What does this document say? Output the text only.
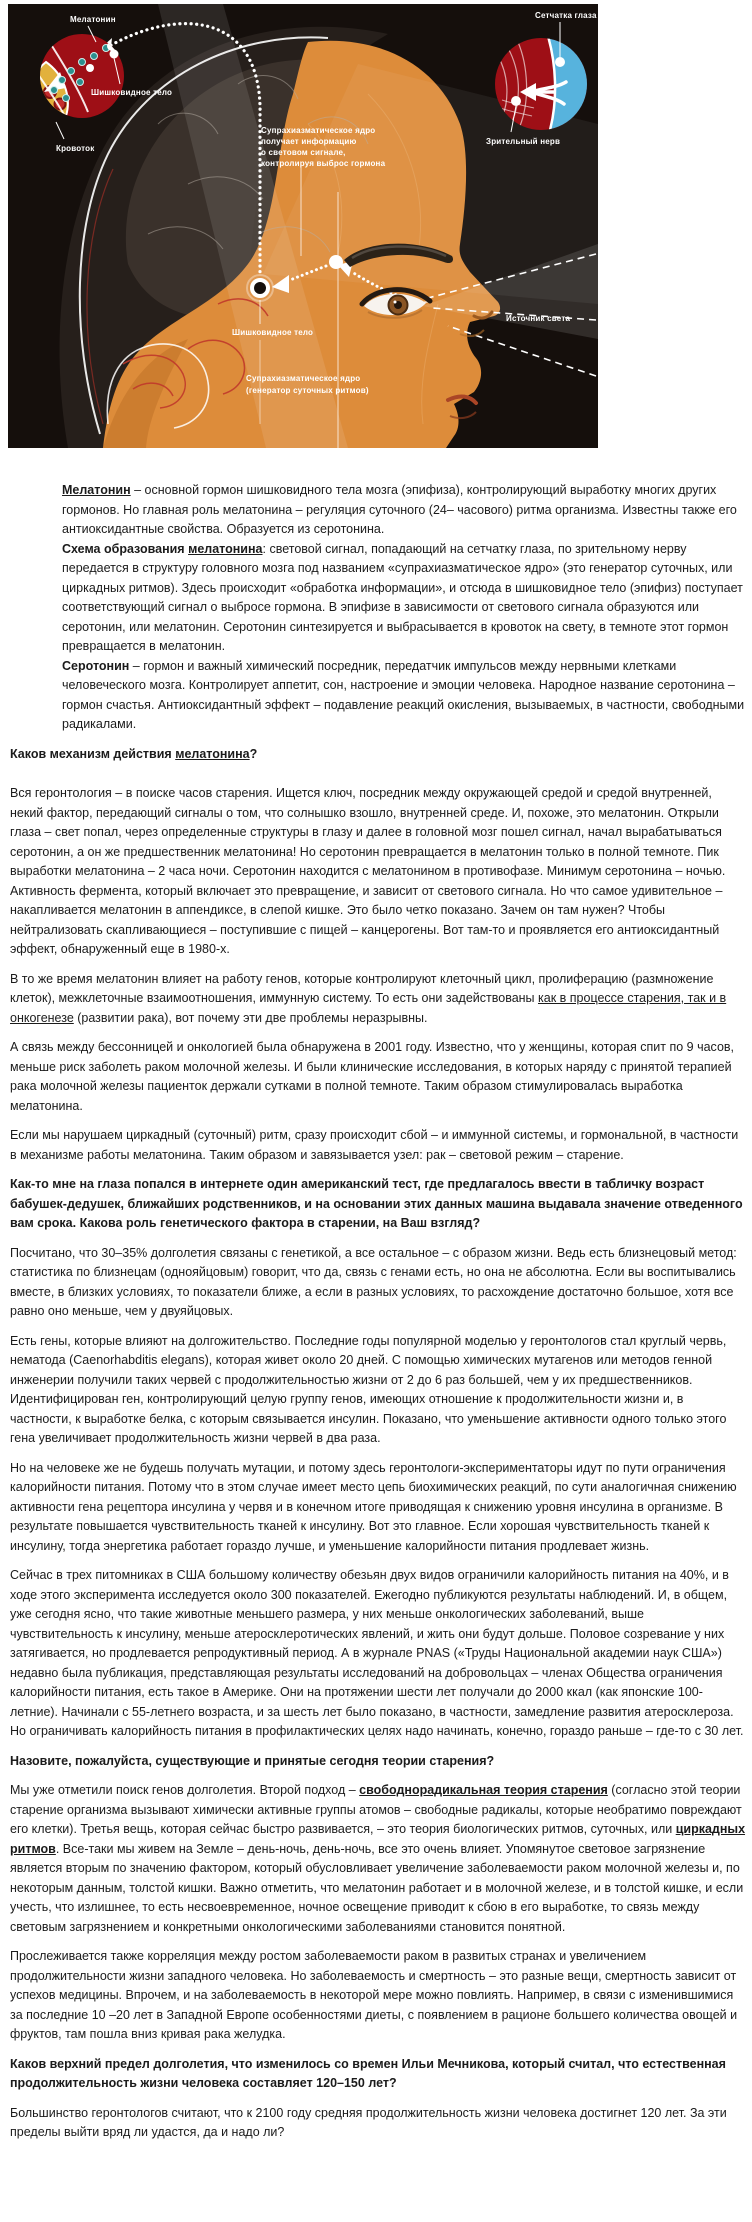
Мелатонин	Сетчатка глаза
Шишковидное тело
Кровоток
Супрахиазматическое ядро
получает информацию
о световом сигнале,
контролируя выброс гормона
Зрительный нерв
Источник света
Шишковидное тело
Супрахиазматическое ядро
(генератор суточных ритмов)

Мелатонин – основной гормон шишковидного тела мозга (эпифиза), контролирующий выработку многих других гормонов. Но главная роль мелатонина – регуляция суточного (24– часового) ритма организма. Известны также его антиоксидантные свойства. Образуется из серотонина.

Схема образования мелатонина: световой сигнал, попадающий на сетчатку глаза, по зрительному нерву передается в структуру головного мозга под названием «супрахиазматическое ядро» (это генератор суточных, или циркадных ритмов). Здесь происходит «обработка информации», и отсюда в шишковидное тело (эпифиз) поступает соответствующий сигнал о выбросе гормона. В эпифизе в зависимости от светового сигнала образуются или серотонин, или мелатонин. Серотонин синтезируется и выбрасывается в кровоток на свету, в темноте этот гормон превращается в мелатонин.

Серотонин – гормон и важный химический посредник, передатчик импульсов между нервными клетками человеческого мозга. Контролирует аппетит, сон, настроение и эмоции человека. Народное название серотонина – гормон счастья. Антиоксидантный эффект – подавление реакций окисления, вызываемых, в частности, свободными радикалами.

Каков механизм действия мелатонина?

Вся геронтология – в поиске часов старения. Ищется ключ, посредник между окружающей средой и средой внутренней, некий фактор, передающий сигналы о том, что солнышко взошло, внутренней среде. И, похоже, это мелатонин. Открыли глаза – свет попал, через определенные структуры в глазу и далее в головной мозг пошел сигнал, начал вырабатываться серотонин, а он же предшественник мелатонина! Но серотонин превращается в мелатонин только в полной темноте. Пик выработки мелатонина – 2 часа ночи. Серотонин находится с мелатонином в противофазе. Минимум серотонина – ночью. Активность фермента, который включает это превращение, и зависит от светового сигнала. Но что самое удивительное – накапливается мелатонин в аппендиксе, в слепой кишке. Это было четко показано. Зачем он там нужен? Чтобы нейтрализовать скапливающиеся – поступившие с пищей – канцерогены. Вот там-то и проявляется его антиоксидантный эффект, обнаруженный еще в 1980-х.

В то же время мелатонин влияет на работу генов, которые контролируют клеточный цикл, пролиферацию (размножение клеток), межклеточные взаимоотношения, иммунную систему. То есть они задействованы как в процессе старения, так и в онкогенезе (развитии рака), вот почему эти две проблемы неразрывны.

А связь между бессонницей и онкологией была обнаружена в 2001 году. Известно, что у женщины, которая спит по 9 часов, меньше риск заболеть раком молочной железы. И были клинические исследования, в которых наряду с принятой терапией рака молочной железы пациенток держали сутками в полной темноте. Таким образом стимулировалась выработка мелатонина.

Если мы нарушаем циркадный (суточный) ритм, сразу происходит сбой – и иммунной системы, и гормональной, в частности в механизме работы мелатонина. Таким образом и завязывается узел: рак – световой режим – старение.

Как-то мне на глаза попался в интернете один американский тест, где предлагалось ввести в табличку возраст бабушек-дедушек, ближайших родственников, и на основании этих данных машина выдавала значение отведенного вам срока. Какова роль генетического фактора в старении, на Ваш взгляд?

Посчитано, что 30–35% долголетия связаны с генетикой, а все остальное – с образом жизни. Ведь есть близнецовый метод: статистика по близнецам (однояйцовым) говорит, что да, связь с генами есть, но она не абсолютна. Если вы воспитывались вместе, в близких условиях, то показатели ближе, а если в разных условиях, то расхождение достаточно большое, хотя все равно оно меньше, чем у двуяйцовых.

Есть гены, которые влияют на долгожительство. Последние годы популярной моделью у геронтологов стал круглый червь, нематода (Caenorhabditis elegans), которая живет около 20 дней. С помощью химических мутагенов или методов генной инженерии получили таких червей с продолжительностью жизни от 2 до 6 раз большей, чем у их предшественников. Идентифицирован ген, контролирующий целую группу генов, имеющих отношение к продолжительности жизни и, в частности, к выработке белка, с которым связывается инсулин. Показано, что уменьшение активности одного только этого гена увеличивает продолжительность жизни червей в два раза.

Но на человеке же не будешь получать мутации, и потому здесь геронтологи-экспериментаторы идут по пути ограничения калорийности питания. Потому что в этом случае имеет место цепь биохимических реакций, по сути аналогичная снижению активности гена рецептора инсулина у червя и в конечном итоге приводящая к снижению уровня инсулина в организме. В результате повышается чувствительность тканей к инсулину. Вот это главное. Если хорошая чувствительность тканей к инсулину, тогда энергетика работает гораздо лучше, и уменьшение калорийности питания продлевает жизнь.

Сейчас в трех питомниках в США большому количеству обезьян двух видов ограничили калорийность питания на 40%, и в ходе этого эксперимента исследуется около 300 показателей. Ежегодно публикуются результаты наблюдений. И, в общем, уже сегодня ясно, что такие животные меньшего размера, у них меньше онкологических заболеваний, выше чувствительность к инсулину, меньше атеросклеротических явлений, и жить они будут дольше. Половое созревание у них затягивается, но продлевается репродуктивный период. А в журнале PNAS («Труды Национальной академии наук США») недавно была публикация, представляющая результаты исследований на добровольцах – членах Общества ограничения калорийности питания, есть такое в Америке. Они на протяжении шести лет получали до 2000 ккал (как японские 100-летние). Начинали с 55-летнего возраста, и за шесть лет было показано, в частности, замедление развития атеросклероза. Но ограничивать калорийность питания в профилактических целях надо начинать, конечно, гораздо раньше – где-то с 30 лет.

Назовите, пожалуйста, существующие и принятые сегодня теории старения?

Мы уже отметили поиск генов долголетия. Второй подход – свободнорадикальная теория старения (согласно этой теории старение организма вызывают химически активные группы атомов – свободные радикалы, которые необратимо повреждают его клетки). Третья вещь, которая сейчас быстро развивается, – это теория биологических ритмов, суточных, или циркадных ритмов. Все-таки мы живем на Земле – день-ночь, день-ночь, все это очень влияет. Упомянутое световое загрязнение является вторым по значению фактором, который обусловливает увеличение заболеваемости раком молочной железы и, по некоторым данным, толстой кишки. Важно отметить, что мелатонин работает и в молочной железе, и в толстой кишке, и если учесть, что излишнее, то есть несвоевременное, ночное освещение приводит к сбою в его выработке, то связь между световым загрязнением и конкретными онкологическими заболеваниями становится понятной.

Прослеживается также корреляция между ростом заболеваемости раком в развитых странах и увеличением продолжительности жизни западного человека. Но заболеваемость и смертность – это разные вещи, смертность зависит от успехов медицины. Впрочем, и на заболеваемость в некоторой мере можно повлиять. Например, в связи с изменившимися за последние 10 –20 лет в Западной Европе особенностями диеты, с появлением в рационе большего количества овощей и фруктов, там пошла вниз кривая рака желудка.

Каков верхний предел долголетия, что изменилось со времен Ильи Мечникова, который считал, что естественная продолжительность жизни человека составляет 120–150 лет?

Большинство геронтологов считают, что к 2100 году средняя продолжительность жизни человека достигнет 120 лет. За эти пределы выйти вряд ли удастся, да и надо ли?
